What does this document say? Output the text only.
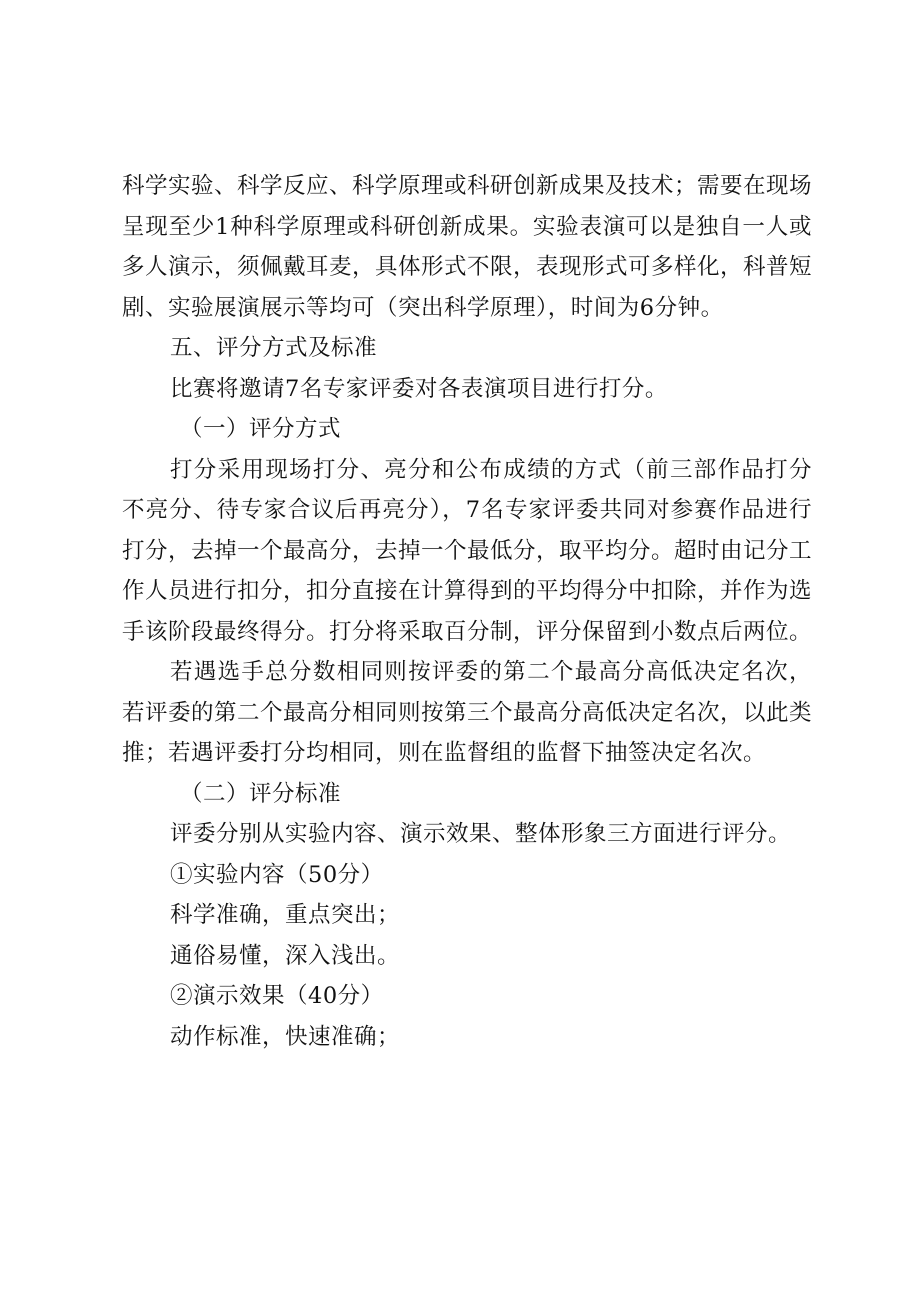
科学实验、科学反应、科学原理或科研创新成果及技术；需要在现场呈现至少1种科学原理或科研创新成果。实验表演可以是独自一人或多人演示，须佩戴耳麦，具体形式不限，表现形式可多样化，科普短剧、实验展演展示等均可（突出科学原理），时间为6分钟。

五、评分方式及标准

比赛将邀请7名专家评委对各表演项目进行打分。

（一）评分方式

打分采用现场打分、亮分和公布成绩的方式（前三部作品打分不亮分、待专家合议后再亮分），7名专家评委共同对参赛作品进行打分，去掉一个最高分，去掉一个最低分，取平均分。超时由记分工作人员进行扣分，扣分直接在计算得到的平均得分中扣除，并作为选手该阶段最终得分。打分将采取百分制，评分保留到小数点后两位。

若遇选手总分数相同则按评委的第二个最高分高低决定名次，若评委的第二个最高分相同则按第三个最高分高低决定名次，以此类推；若遇评委打分均相同，则在监督组的监督下抽签决定名次。

（二）评分标准

评委分别从实验内容、演示效果、整体形象三方面进行评分。

①实验内容（50分）

科学准确，重点突出；

通俗易懂，深入浅出。

②演示效果（40分）

动作标准，快速准确；
